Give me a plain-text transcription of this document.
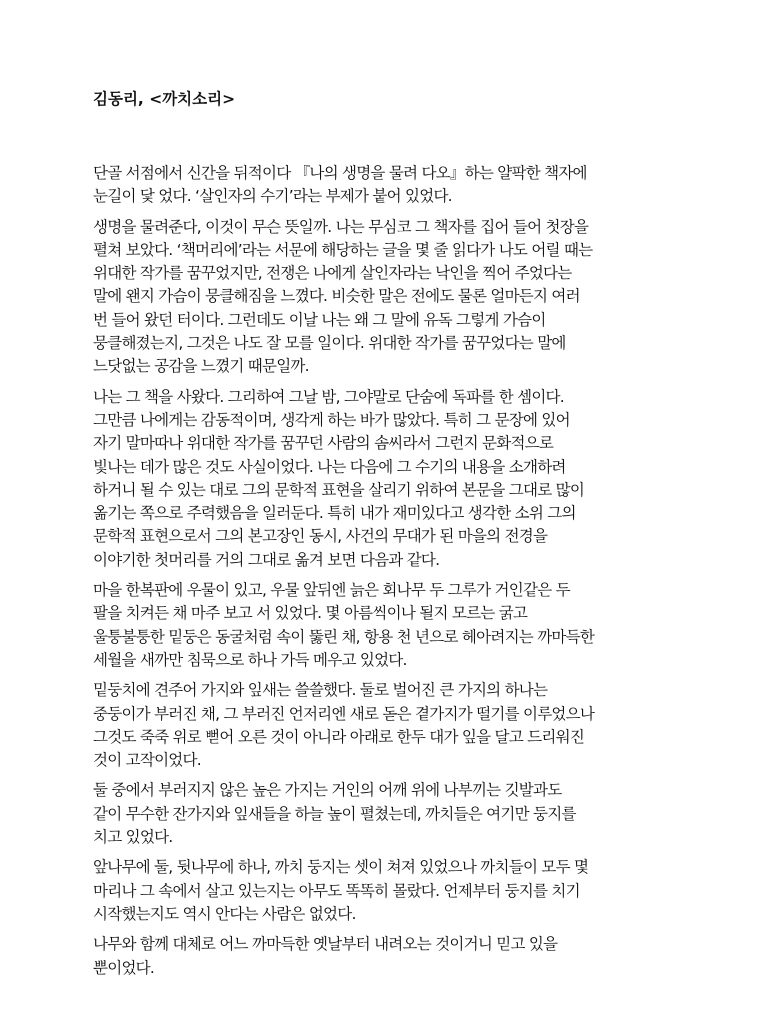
김동리, <까치소리>

단골 서점에서 신간을 뒤적이다 『나의 생명을 물려 다오』하는 얄팍한 책자에
눈길이 닻 었다. ‘살인자의 수기’라는 부제가 붙어 있었다.

생명을 물려준다, 이것이 무슨 뜻일까. 나는 무심코 그 책자를 집어 들어 첫장을
펼쳐 보았다. ‘책머리에’라는 서문에 해당하는 글을 몇 줄 읽다가 나도 어릴 때는
위대한 작가를 꿈꾸었지만, 전쟁은 나에게 살인자라는 낙인을 찍어 주었다는
말에 왠지 가슴이 뭉클해짐을 느꼈다. 비슷한 말은 전에도 물론 얼마든지 여러
번 들어 왔던 터이다. 그런데도 이날 나는 왜 그 말에 유독 그렇게 가슴이
뭉클해졌는지, 그것은 나도 잘 모를 일이다. 위대한 작가를 꿈꾸었다는 말에
느닷없는 공감을 느꼈기 때문일까.

나는 그 책을 사왔다. 그리하여 그날 밤, 그야말로 단숨에 독파를 한 셈이다.
그만큼 나에게는 감동적이며, 생각게 하는 바가 많았다. 특히 그 문장에 있어
자기 말마따나 위대한 작가를 꿈꾸던 사람의 솜씨라서 그런지 문화적으로
빛나는 데가 많은 것도 사실이었다. 나는 다음에 그 수기의 내용을 소개하려
하거니 될 수 있는 대로 그의 문학적 표현을 살리기 위하여 본문을 그대로 많이
옮기는 쪽으로 주력했음을 일러둔다. 특히 내가 재미있다고 생각한 소위 그의
문학적 표현으로서 그의 본고장인 동시, 사건의 무대가 된 마을의 전경을
이야기한 첫머리를 거의 그대로 옮겨 보면 다음과 같다.

마을 한복판에 우물이 있고, 우물 앞뒤엔 늙은 회나무 두 그루가 거인같은 두
팔을 치켜든 채 마주 보고 서 있었다. 몇 아름씩이나 될지 모르는 굵고
울퉁불퉁한 밑둥은 동굴처럼 속이 뚫린 채, 항용 천 년으로 헤아려지는 까마득한
세월을 새까만 침묵으로 하나 가득 메우고 있었다.

밑둥치에 견주어 가지와 잎새는 쓸쓸했다. 둘로 벌어진 큰 가지의 하나는
중둥이가 부러진 채, 그 부러진 언저리엔 새로 돋은 곁가지가 떨기를 이루었으나
그것도 죽죽 위로 뻗어 오른 것이 아니라 아래로 한두 대가 잎을 달고 드리워진
것이 고작이었다.

둘 중에서 부러지지 않은 높은 가지는 거인의 어깨 위에 나부끼는 깃발과도
같이 무수한 잔가지와 잎새들을 하늘 높이 펼쳤는데, 까치들은 여기만 둥지를
치고 있었다.

앞나무에 둘, 뒷나무에 하나, 까치 둥지는 셋이 쳐져 있었으나 까치들이 모두 몇
마리나 그 속에서 살고 있는지는 아무도 똑똑히 몰랐다. 언제부터 둥지를 치기
시작했는지도 역시 안다는 사람은 없었다.

나무와 함께 대체로 어느 까마득한 옛날부터 내려오는 것이거니 믿고 있을
뿐이었다.
